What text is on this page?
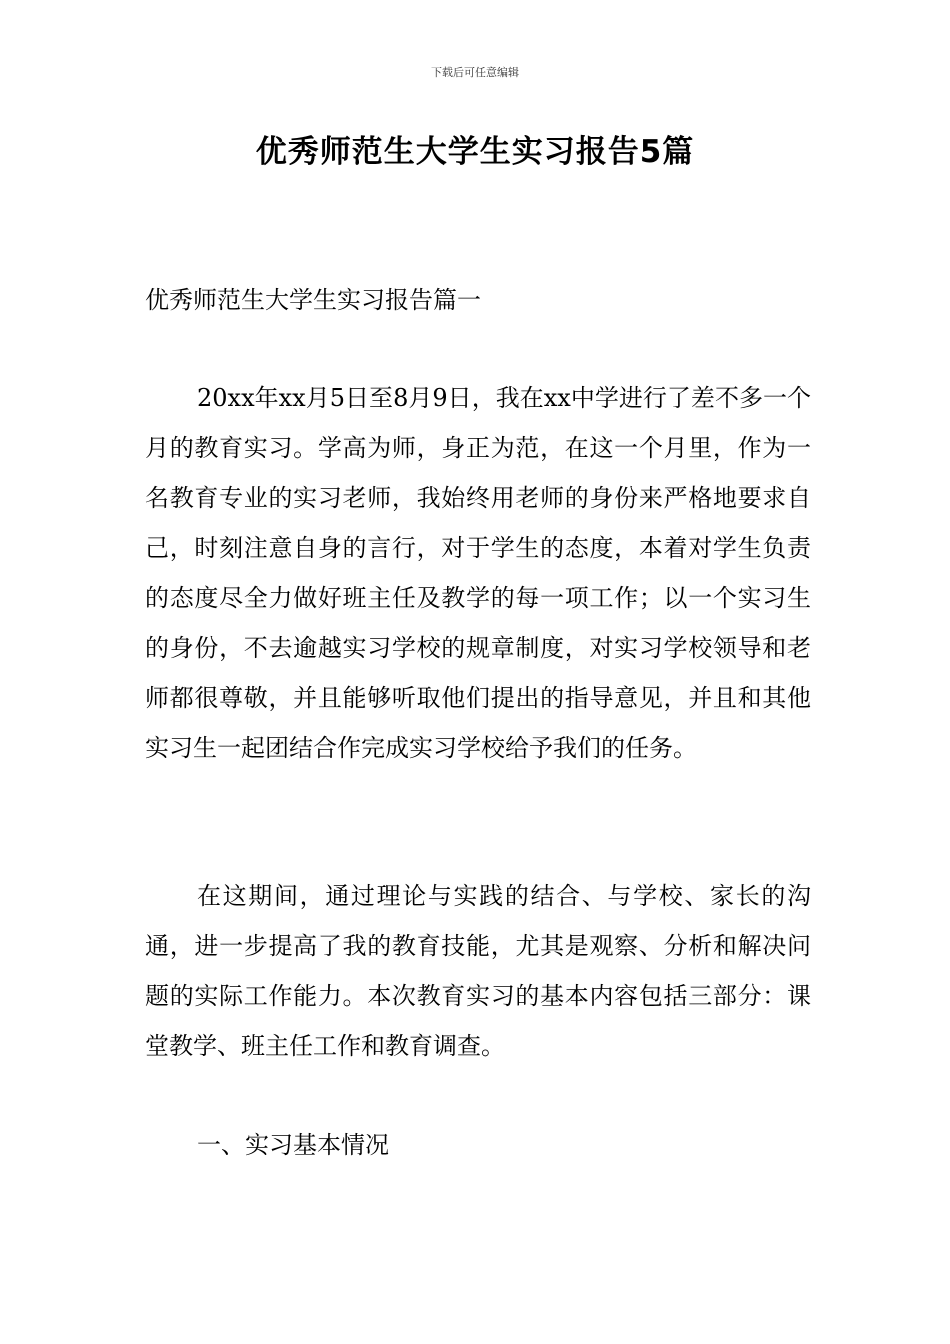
下载后可任意编辑
优秀师范生大学生实习报告5篇
优秀师范生大学生实习报告篇一

20xx年xx月5日至8月9日，我在xx中学进行了差不多一个月的教育实习。学高为师，身正为范，在这一个月里，作为一名教育专业的实习老师，我始终用老师的身份来严格地要求自己，时刻注意自身的言行，对于学生的态度，本着对学生负责的态度尽全力做好班主任及教学的每一项工作；以一个实习生的身份，不去逾越实习学校的规章制度，对实习学校领导和老师都很尊敬，并且能够听取他们提出的指导意见，并且和其他实习生一起团结合作完成实习学校给予我们的任务。

在这期间，通过理论与实践的结合、与学校、家长的沟通，进一步提高了我的教育技能，尤其是观察、分析和解决问题的实际工作能力。本次教育实习的基本内容包括三部分：课堂教学、班主任工作和教育调查。

一、实习基本情况
